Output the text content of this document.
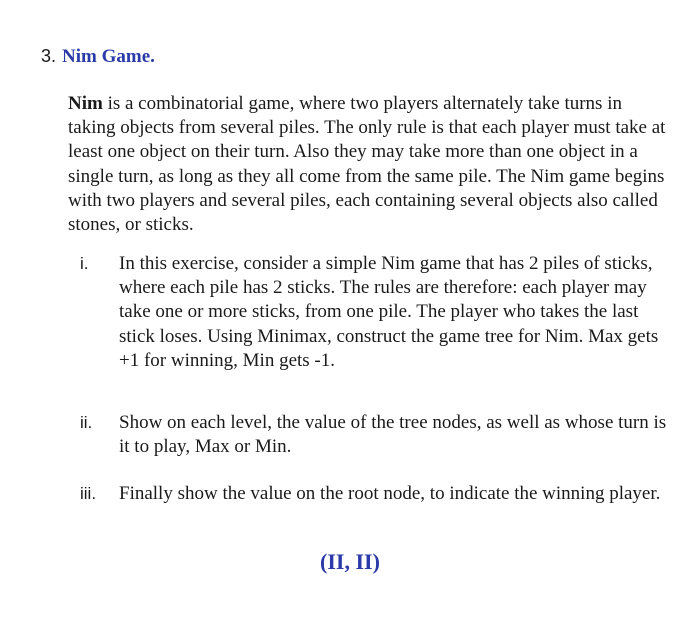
3. Nim Game.

Nim is a combinatorial game, where two players alternately take turns in taking objects from several piles. The only rule is that each player must take at least one object on their turn. Also they may take more than one object in a single turn, as long as they all come from the same pile. The Nim game begins with two players and several piles, each containing several objects also called stones, or sticks.

i.	In this exercise, consider a simple Nim game that has 2 piles of sticks, where each pile has 2 sticks. The rules are therefore: each player may take one or more sticks, from one pile. The player who takes the last stick loses. Using Minimax, construct the game tree for Nim. Max gets +1 for winning, Min gets -1.
ii.	Show on each level, the value of the tree nodes, as well as whose turn is it to play, Max or Min.
iii.	Finally show the value on the root node, to indicate the winning player.
(II, II)
